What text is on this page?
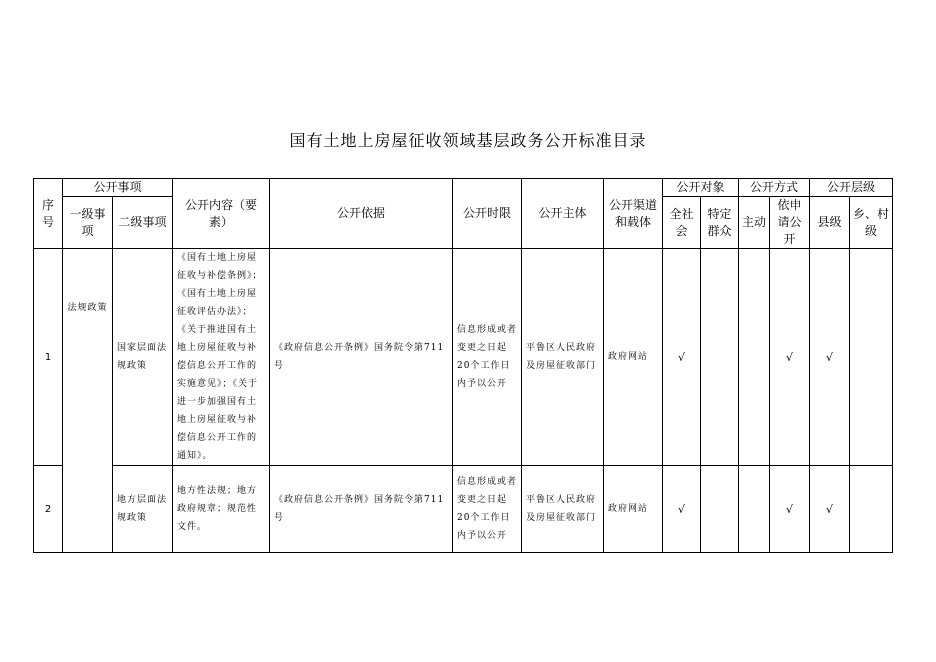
国有土地上房屋征收领域基层政务公开标准目录
序号	公开事项		公开内容（要素）	公开依据	公开时限	公开主体	公开渠道和载体	公开对象		公开方式		公开层级	
	一级事项	二级事项						全社会	特定群众	主动	依申请公开	县级	乡、村级
1	法规政策	国家层面法规政策	《国有土地上房屋征收与补偿条例》；《国有土地上房屋征收评估办法》；《关于推进国有土地上房屋征收与补偿信息公开工作的实施意见》；《关于进一步加强国有土地上房屋征收与补偿信息公开工作的通知》。	《政府信息公开条例》国务院令第711号	信息形成或者变更之日起20个工作日内予以公开	平鲁区人民政府及房屋征收部门	政府网站	√			√	√	
2		地方层面法规政策	地方性法规；地方政府规章；规范性文件。	《政府信息公开条例》国务院令第711号	信息形成或者变更之日起20个工作日内予以公开	平鲁区人民政府及房屋征收部门	政府网站	√			√	√	
